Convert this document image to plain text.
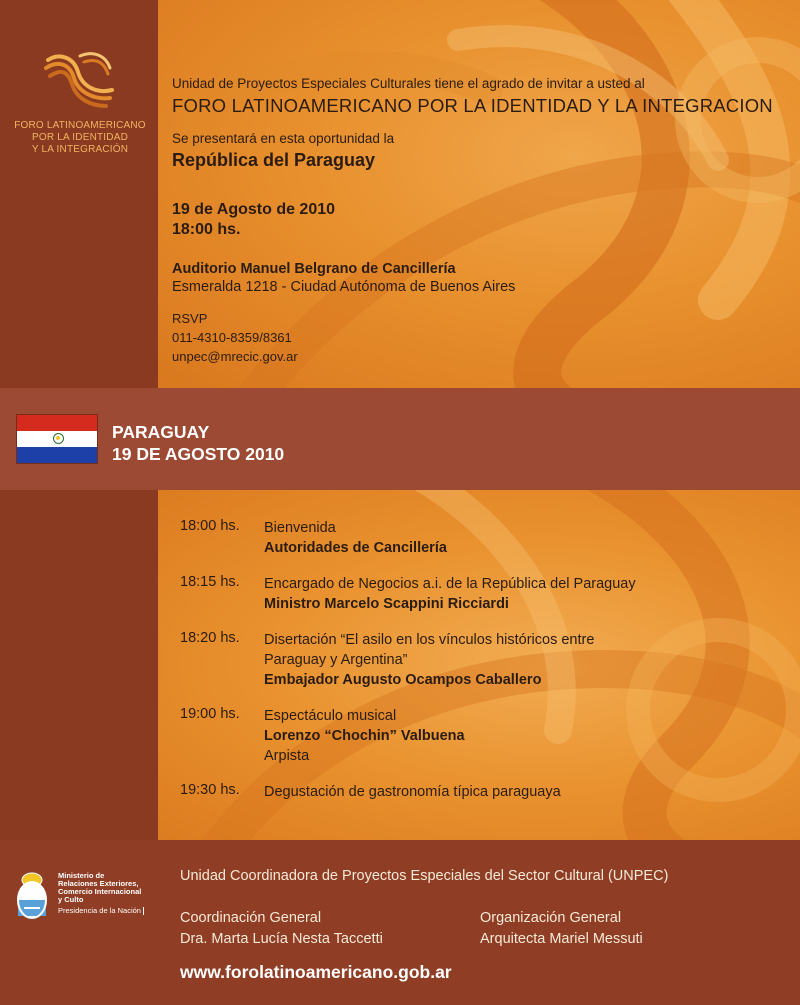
FORO LATINOAMERICANO
POR LA IDENTIDAD
Y LA INTEGRACIÓN
Unidad de Proyectos Especiales Culturales tiene el agrado de invitar a usted al
FORO LATINOAMERICANO POR LA IDENTIDAD Y LA INTEGRACION
Se presentará en esta oportunidad la
República del Paraguay
19 de Agosto de 2010
18:00 hs.
Auditorio Manuel Belgrano de Cancillería
Esmeralda 1218 - Ciudad Autónoma de Buenos Aires
RSVP
011-4310-8359/8361
unpec@mrecic.gov.ar
PARAGUAY
19 DE AGOSTO 2010
18:00 hs.	Bienvenida
Autoridades de Cancillería
18:15 hs.	Encargado de Negocios a.i. de la República del Paraguay
Ministro Marcelo Scappini Ricciardi
18:20 hs.	Disertación “El asilo en los vínculos históricos entre
Paraguay y Argentina”
Embajador Augusto Ocampos Caballero
19:00 hs.	Espectáculo musical
Lorenzo “Chochin” Valbuena
Arpista
19:30 hs.	Degustación de gastronomía típica paraguaya
Ministerio de
Relaciones Exteriores,
Comercio Internacional
y Culto
Presidencia de la Nación
Unidad Coordinadora de Proyectos Especiales del Sector Cultural (UNPEC)
Coordinación General
Dra. Marta Lucía Nesta Taccetti
Organización General
Arquitecta Mariel Messuti
www.forolatinoamericano.gob.ar
